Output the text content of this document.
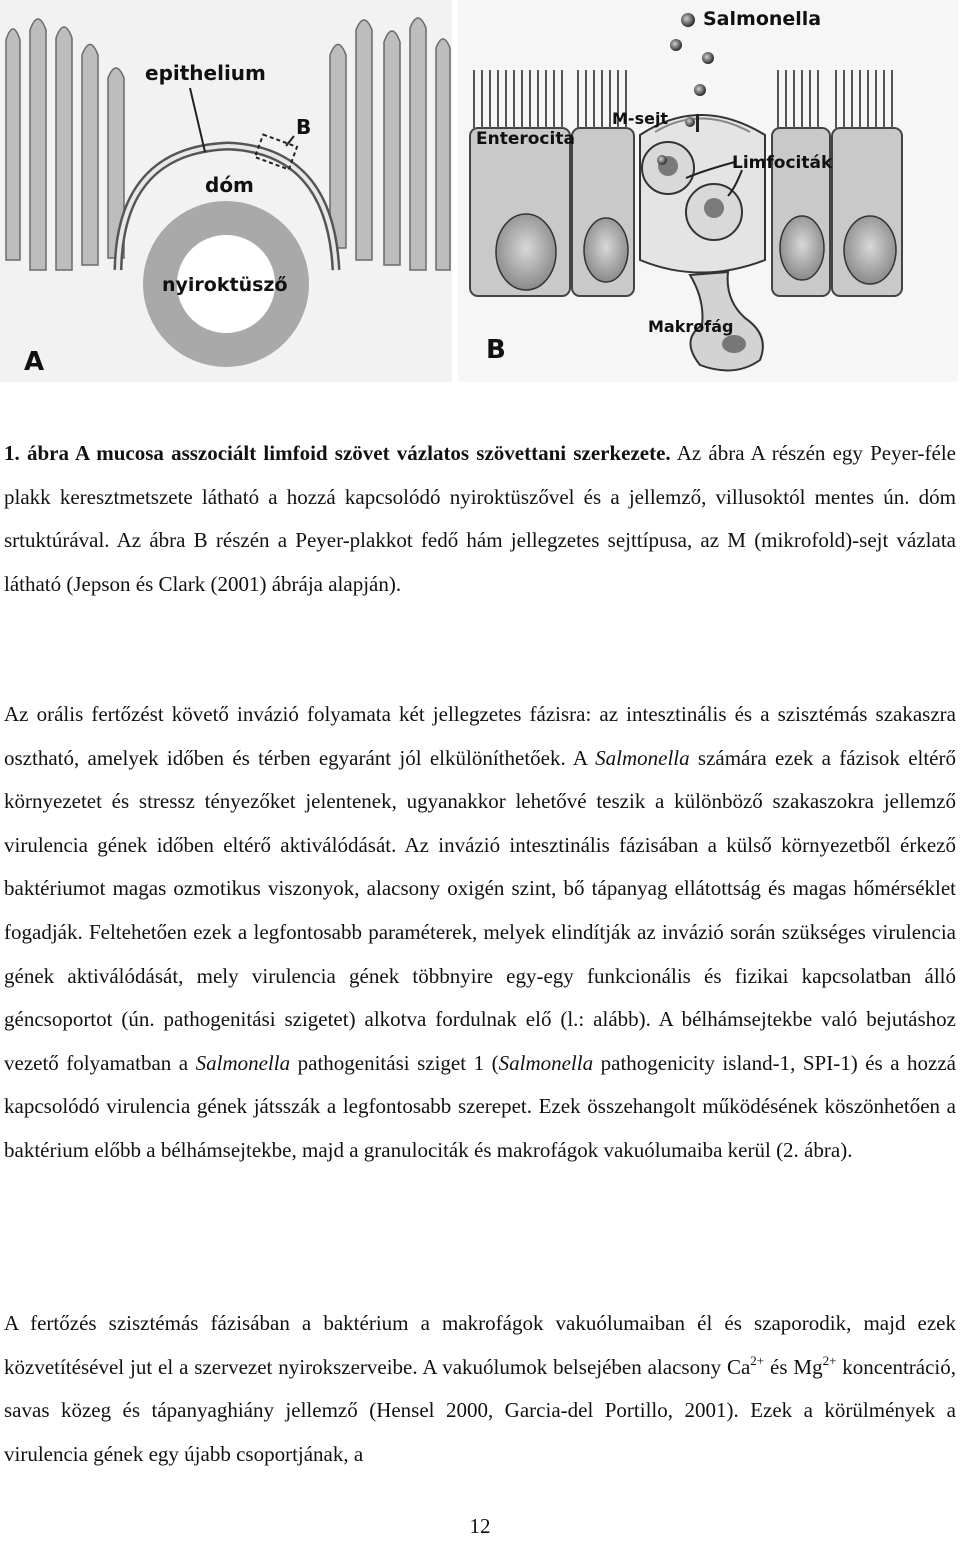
epithelium
B
dóm
nyiroktüsző
A
Salmonella
Enterocita
M-sejt
Limfociták
Makrofág
B

1. ábra A mucosa asszociált limfoid szövet vázlatos szövettani szerkezete. Az ábra A részén egy Peyer-féle plakk keresztmetszete látható a hozzá kapcsolódó nyiroktüszővel és a jellemző, villusoktól mentes ún. dóm srtuktúrával. Az ábra B részén a Peyer-plakkot fedő hám jellegzetes sejttípusa, az M (mikrofold)-sejt vázlata látható (Jepson és Clark (2001) ábrája alapján).

Az orális fertőzést követő invázió folyamata két jellegzetes fázisra: az intesztinális és a szisztémás szakaszra osztható, amelyek időben és térben egyaránt jól elkülöníthetőek. A Salmonella számára ezek a fázisok eltérő környezetet és stressz tényezőket jelentenek, ugyanakkor lehetővé teszik a különböző szakaszokra jellemző virulencia gének időben eltérő aktiválódását. Az invázió intesztinális fázisában a külső környezetből érkező baktériumot magas ozmotikus viszonyok, alacsony oxigén szint, bő tápanyag ellátottság és magas hőmérséklet fogadják. Feltehetően ezek a legfontosabb paraméterek, melyek elindítják az invázió során szükséges virulencia gének aktiválódását, mely virulencia gének többnyire egy-egy funkcionális és fizikai kapcsolatban álló géncsoportot (ún. pathogenitási szigetet) alkotva fordulnak elő (l.: alább). A bélhámsejtekbe való bejutáshoz vezető folyamatban a Salmonella pathogenitási sziget 1 (Salmonella pathogenicity island-1, SPI-1) és a hozzá kapcsolódó virulencia gének játsszák a legfontosabb szerepet. Ezek összehangolt működésének köszönhetően a baktérium előbb a bélhámsejtekbe, majd a granulociták és makrofágok vakuólumaiba kerül (2. ábra).

A fertőzés szisztémás fázisában a baktérium a makrofágok vakuólumaiban él és szaporodik, majd ezek közvetítésével jut el a szervezet nyirokszerveibe. A vakuólumok belsejében alacsony $Ca^{2+}$ és $Mg^{2+}$ koncentráció, savas közeg és tápanyaghiány jellemző (Hensel 2000, Garcia-del Portillo, 2001). Ezek a körülmények a virulencia gének egy újabb csoportjának, a

12
